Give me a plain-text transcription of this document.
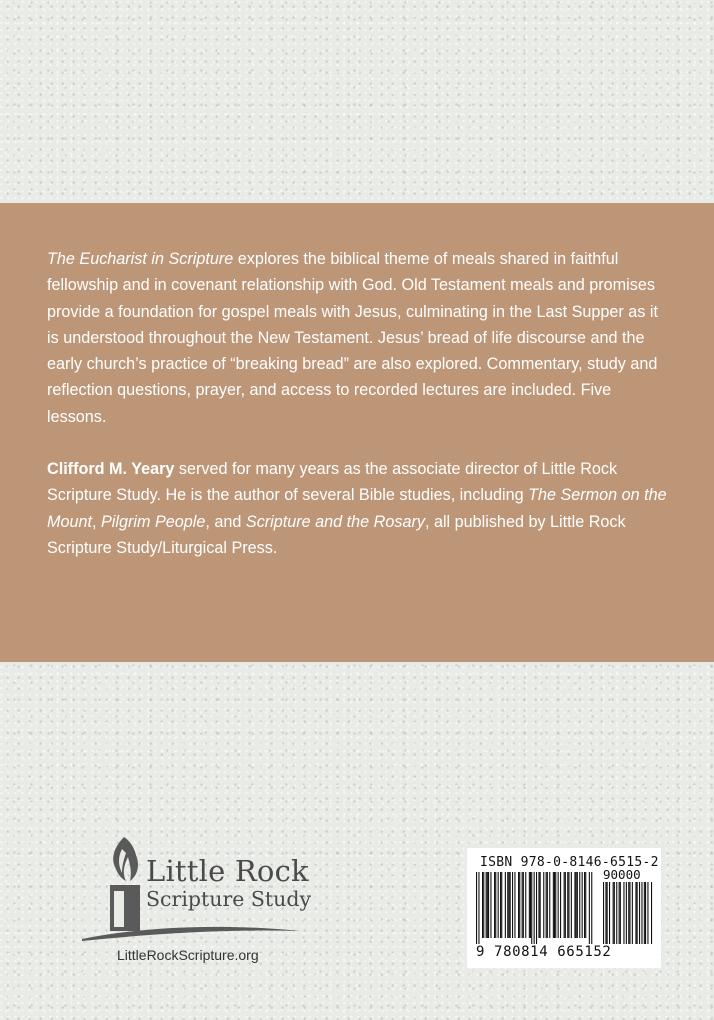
The Eucharist in Scripture explores the biblical theme of meals shared in faithful fellowship and in covenant relationship with God. Old Testament meals and promises provide a foundation for gospel meals with Jesus, culminating in the Last Supper as it is understood throughout the New Testament. Jesus’ bread of life discourse and the early church’s practice of “breaking bread” are also explored. Commentary, study and reflection questions, prayer, and access to recorded lectures are included. Five lessons.

Clifford M. Yeary served for many years as the associate director of Little Rock Scripture Study. He is the author of several Bible studies, including The Sermon on the Mount, Pilgrim People, and Scripture and the Rosary, all published by Little Rock Scripture Study/Liturgical Press.

Little Rock
Scripture Study
LittleRockScripture.org
ISBN 978-0-8146-6515-2
90000
9 780814 665152
